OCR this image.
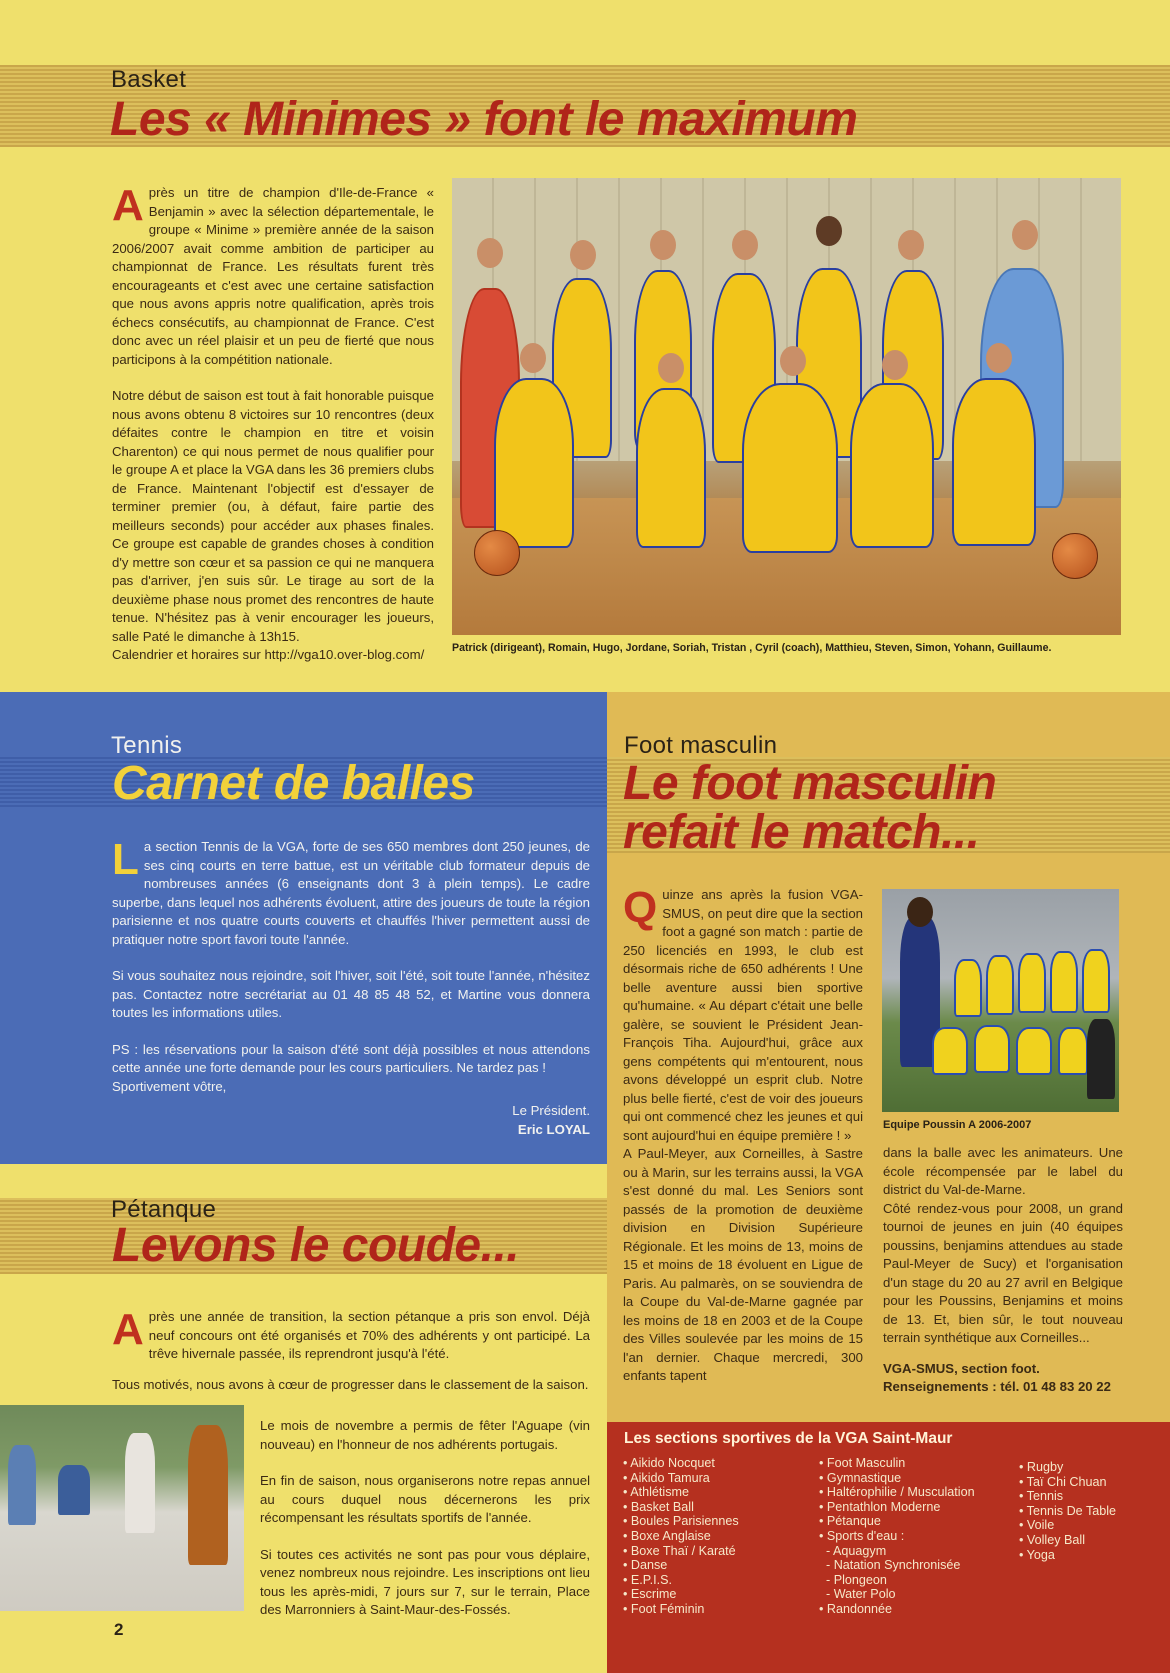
Basket
Les « Minimes » font le maximum
A près un titre de champion d'Ile-de-France « Benjamin » avec la sélection départementale, le groupe « Minime » première année de la saison 2006/2007 avait comme ambition de participer au championnat de France. Les résultats furent très encourageants et c'est avec une certaine satisfaction que nous avons appris notre qualification, après trois échecs consécutifs, au championnat de France. C'est donc avec un réel plaisir et un peu de fierté que nous participons à la compétition nationale.

Notre début de saison est tout à fait honorable puisque nous avons obtenu 8 victoires sur 10 rencontres (deux défaites contre le champion en titre et voisin Charenton) ce qui nous permet de nous qualifier pour le groupe A et place la VGA dans les 36 premiers clubs de France. Maintenant l'objectif est d'essayer de terminer premier (ou, à défaut, faire partie des meilleurs seconds) pour accéder aux phases finales. Ce groupe est capable de grandes choses à condition d'y mettre son cœur et sa passion ce qui ne manquera pas d'arriver, j'en suis sûr. Le tirage au sort de la deuxième phase nous promet des rencontres de haute tenue. N'hésitez pas à venir encourager les joueurs, salle Paté le dimanche à 13h15.
Calendrier et horaires sur http://vga10.over-blog.com/	Patrick (dirigeant), Romain, Hugo, Jordane, Soriah, Tristan , Cyril (coach), Matthieu, Steven, Simon, Yohann, Guillaume.
Tennis
Carnet de balles
L a section Tennis de la VGA, forte de ses 650 membres dont 250 jeunes, de ses cinq courts en terre battue, est un véritable club formateur depuis de nombreuses années (6 enseignants dont 3 à plein temps). Le cadre superbe, dans lequel nos adhérents évoluent, attire des joueurs de toute la région parisienne et nos quatre courts couverts et chauffés l'hiver permettent aussi de pratiquer notre sport favori toute l'année.

Si vous souhaitez nous rejoindre, soit l'hiver, soit l'été, soit toute l'année, n'hésitez pas. Contactez notre secrétariat au 01 48 85 48 52, et Martine vous donnera toutes les informations utiles.

PS : les réservations pour la saison d'été sont déjà possibles et nous attendons cette année une forte demande pour les cours particuliers. Ne tardez pas !
Sportivement vôtre,

Le Président.
Eric LOYAL
Foot masculin
Le foot masculin
refait le match...
Q uinze ans après la fusion VGA-SMUS, on peut dire que la section foot a gagné son match : partie de 250 licenciés en 1993, le club est désormais riche de 650 adhérents ! Une belle aventure aussi bien sportive qu'humaine. « Au départ c'était une belle galère, se souvient le Président Jean-François Tiha. Aujourd'hui, grâce aux gens compétents qui m'entourent, nous avons développé un esprit club. Notre plus belle fierté, c'est de voir des joueurs qui ont commencé chez les jeunes et qui sont aujourd'hui en équipe première ! »
A Paul-Meyer, aux Corneilles, à Sastre ou à Marin, sur les terrains aussi, la VGA s'est donné du mal. Les Seniors sont passés de la promotion de deuxième division en Division Supérieure Régionale. Et les moins de 13, moins de 15 et moins de 18 évoluent en Ligue de Paris. Au palmarès, on se souviendra de la Coupe du Val-de-Marne gagnée par les moins de 18 en 2003 et de la Coupe des Villes soulevée par les moins de 15 l'an dernier. Chaque mercredi, 300 enfants tapent

Equipe Poussin A 2006-2007

dans la balle avec les animateurs. Une école récompensée par le label du district du Val-de-Marne.
Côté rendez-vous pour 2008, un grand tournoi de jeunes en juin (40 équipes poussins, benjamins attendues au stade Paul-Meyer de Sucy) et l'organisation d'un stage du 20 au 27 avril en Belgique pour les Poussins, Benjamins et moins de 13. Et, bien sûr, le tout nouveau terrain synthétique aux Corneilles...

VGA-SMUS, section foot.
Renseignements : tél. 01 48 83 20 22
Pétanque
Levons le coude...
A près une année de transition, la section pétanque a pris son envol. Déjà neuf concours ont été organisés et 70% des adhérents y ont participé. La trêve hivernale passée, ils reprendront jusqu'à l'été.

Tous motivés, nous avons à cœur de progresser dans le classement de la saison.

Le mois de novembre a permis de fêter l'Aguape (vin nouveau) en l'honneur de nos adhérents portugais.

En fin de saison, nous organiserons notre repas annuel au cours duquel nous décernerons les prix récompensant les résultats sportifs de l'année.

Si toutes ces activités ne sont pas pour vous déplaire, venez nombreux nous rejoindre. Les inscriptions ont lieu tous les après-midi, 7 jours sur 7, sur le terrain, Place des Marronniers à Saint-Maur-des-Fossés.

Les sections sportives de la VGA Saint-Maur
• Aikido Nocquet
• Aikido Tamura
• Athlétisme
• Basket Ball
• Boules Parisiennes
• Boxe Anglaise
• Boxe Thaï / Karaté
• Danse
• E.P.I.S.
• Escrime
• Foot Féminin
• Foot Masculin
• Gymnastique
• Haltérophilie / Musculation
• Pentathlon Moderne
• Pétanque
• Sports d'eau :
- Aquagym
- Natation Synchronisée
- Plongeon
- Water Polo
• Randonnée
• Rugby
• Taï Chi Chuan
• Tennis
• Tennis De Table
• Voile
• Volley Ball
• Yoga
2
